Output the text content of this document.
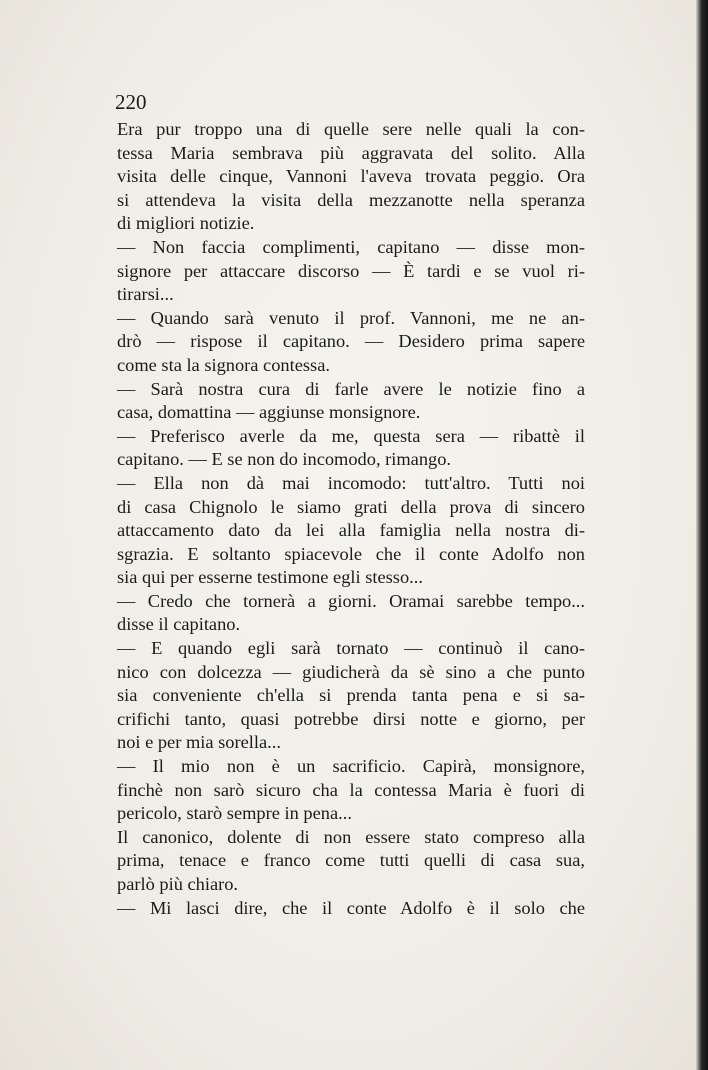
220

Era pur troppo una di quelle sere nelle quali la con-
tessa Maria sembrava più aggravata del solito. Alla
visita delle cinque, Vannoni l'aveva trovata peggio. Ora
si attendeva la visita della mezzanotte nella speranza
di migliori notizie.
— Non faccia complimenti, capitano — disse mon-
signore per attaccare discorso — È tardi e se vuol ri-
tirarsi...
— Quando sarà venuto il prof. Vannoni, me ne an-
drò — rispose il capitano. — Desidero prima sapere
come sta la signora contessa.
— Sarà nostra cura di farle avere le notizie fino a
casa, domattina — aggiunse monsignore.
— Preferisco averle da me, questa sera — ribattè il
capitano. — E se non do incomodo, rimango.
— Ella non dà mai incomodo: tutt'altro. Tutti noi
di casa Chignolo le siamo grati della prova di sincero
attaccamento dato da lei alla famiglia nella nostra di-
sgrazia. E soltanto spiacevole che il conte Adolfo non
sia qui per esserne testimone egli stesso...
— Credo che tornerà a giorni. Oramai sarebbe tempo...
disse il capitano.
— E quando egli sarà tornato — continuò il cano-
nico con dolcezza — giudicherà da sè sino a che punto
sia conveniente ch'ella si prenda tanta pena e si sa-
crifichi tanto, quasi potrebbe dirsi notte e giorno, per
noi e per mia sorella...
— Il mio non è un sacrificio. Capirà, monsignore,
finchè non sarò sicuro cha la contessa Maria è fuori di
pericolo, starò sempre in pena...
Il canonico, dolente di non essere stato compreso alla
prima, tenace e franco come tutti quelli di casa sua,
parlò più chiaro.
— Mi lasci dire, che il conte Adolfo è il solo che
